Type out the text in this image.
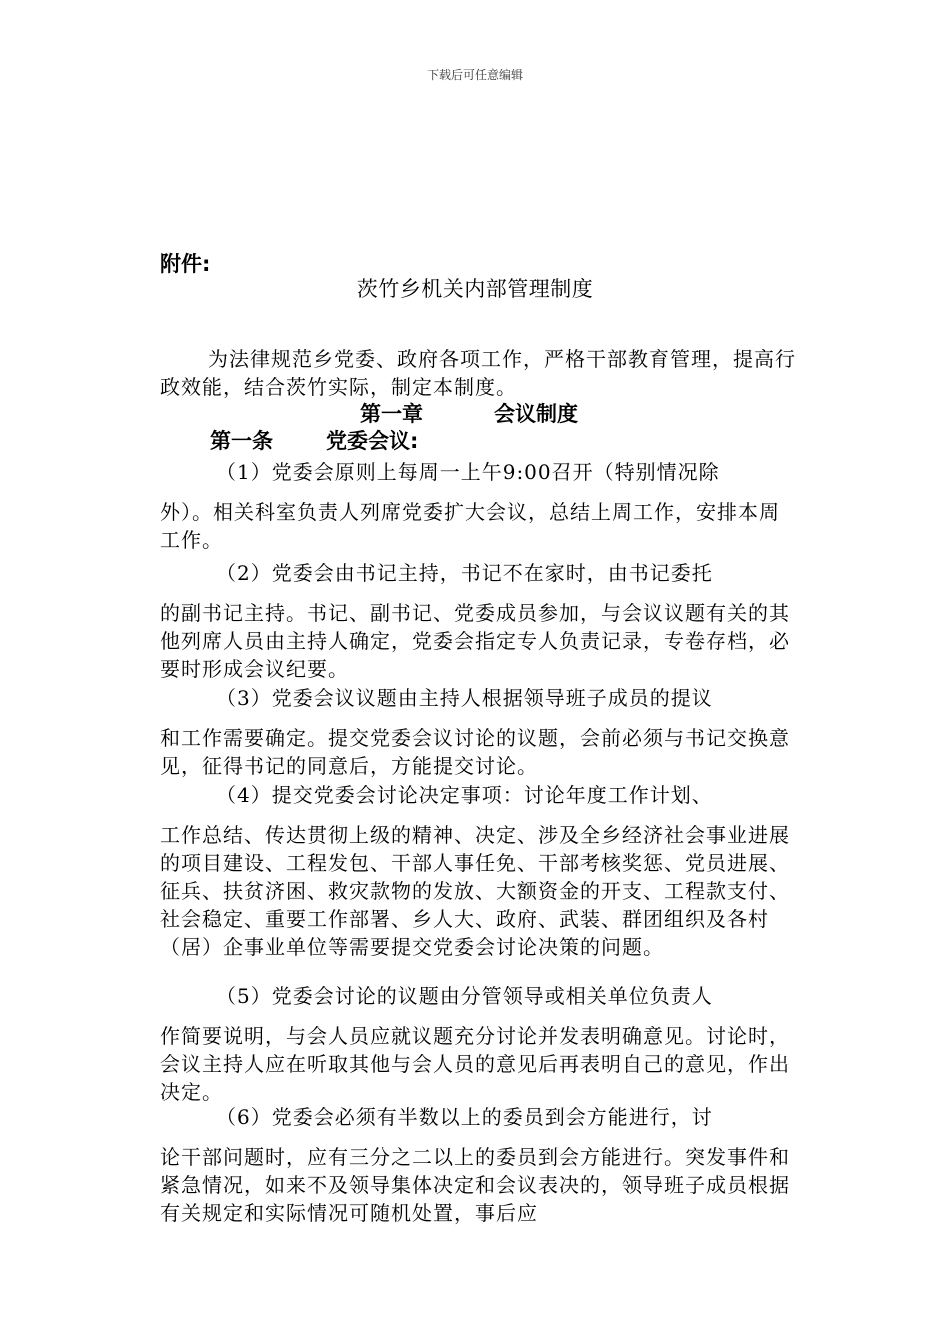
下载后可任意编辑
附件:
茨竹乡机关内部管理制度
为法律规范乡党委、政府各项工作，严格干部教育管理，提高行政效能，结合茨竹实际，制定本制度。
第一章	会议制度
第一条	党委会议:
（1）党委会原则上每周一上午9:00召开（特别情况除
外）。相关科室负责人列席党委扩大会议，总结上周工作，安排本周工作。
（2）党委会由书记主持，书记不在家时，由书记委托
的副书记主持。书记、副书记、党委成员参加，与会议议题有关的其他列席人员由主持人确定，党委会指定专人负责记录，专卷存档，必要时形成会议纪要。
（3）党委会议议题由主持人根据领导班子成员的提议
和工作需要确定。提交党委会议讨论的议题，会前必须与书记交换意见，征得书记的同意后，方能提交讨论。
（4）提交党委会讨论决定事项：讨论年度工作计划、
工作总结、传达贯彻上级的精神、决定、涉及全乡经济社会事业进展的项目建设、工程发包、干部人事任免、干部考核奖惩、党员进展、征兵、扶贫济困、救灾款物的发放、大额资金的开支、工程款支付、社会稳定、重要工作部署、乡人大、政府、武装、群团组织及各村（居）企事业单位等需要提交党委会讨论决策的问题。
（5）党委会讨论的议题由分管领导或相关单位负责人
作简要说明，与会人员应就议题充分讨论并发表明确意见。讨论时，会议主持人应在听取其他与会人员的意见后再表明自己的意见，作出决定。
（6）党委会必须有半数以上的委员到会方能进行，讨
论干部问题时，应有三分之二以上的委员到会方能进行。突发事件和紧急情况，如来不及领导集体决定和会议表决的，领导班子成员根据有关规定和实际情况可随机处置，事后应
